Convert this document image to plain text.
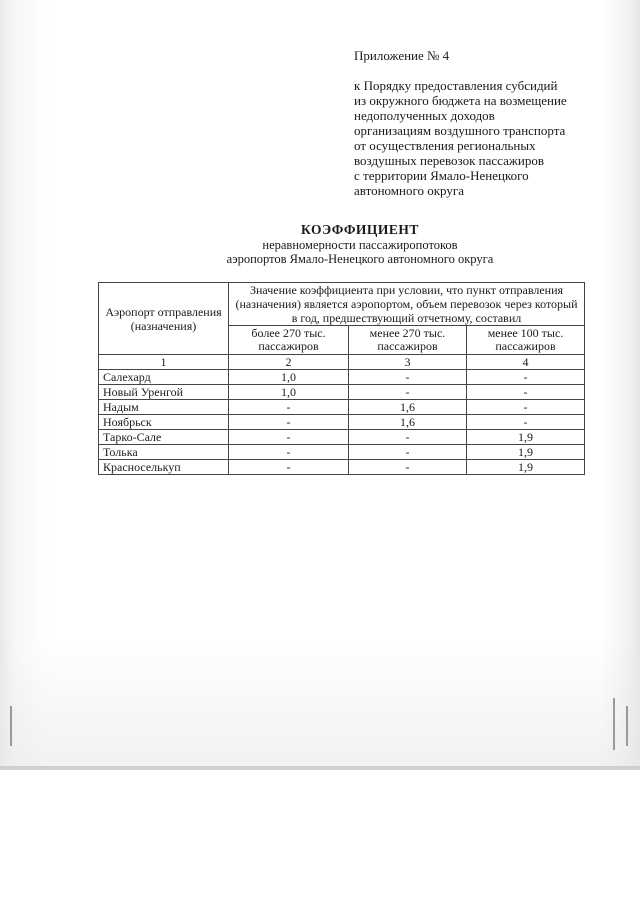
Приложение № 4
к Порядку предоставления субсидий
из окружного бюджета на возмещение
недополученных доходов
организациям воздушного транспорта
от осуществления региональных
воздушных перевозок пассажиров
с территории Ямало-Ненецкого
автономного округа
КОЭФФИЦИЕНТ
неравномерности пассажиропотоков
аэропортов Ямало-Ненецкого автономного округа
Аэропорт отправления (назначения)	Значение коэффициента при условии, что пункт отправления (назначения) является аэропортом, объем перевозок через который в год, предшествующий отчетному, составил		
	более 270 тыс. пассажиров	менее 270 тыс. пассажиров	менее 100 тыс. пассажиров
1	2	3	4
Салехард	1,0	-	-
Новый Уренгой	1,0	-	-
Надым	-	1,6	-
Ноябрьск	-	1,6	-
Тарко-Сале	-	-	1,9
Толька	-	-	1,9
Красноселькуп	-	-	1,9
